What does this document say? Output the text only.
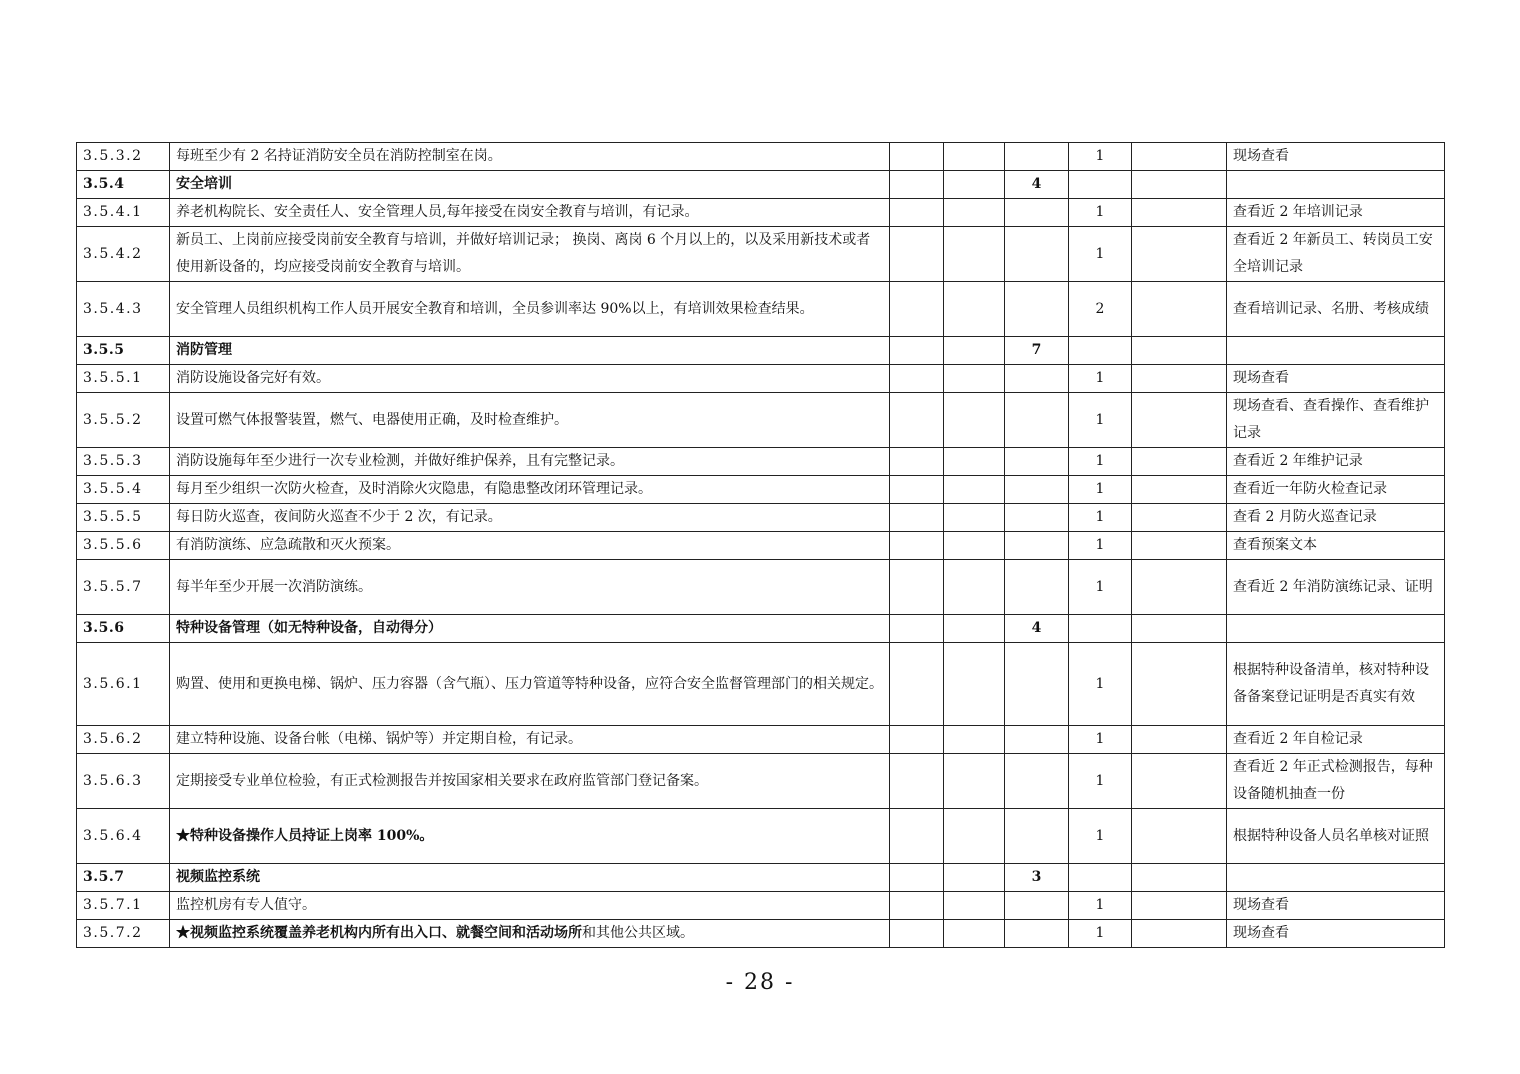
3.5.3.2	每班至少有 2 名持证消防安全员在消防控制室在岗。				1		现场查看
3.5.4	安全培训			4			
3.5.4.1	养老机构院长、安全责任人、安全管理人员,每年接受在岗安全教育与培训，有记录。				1		查看近 2 年培训记录
3.5.4.2	新员工、上岗前应接受岗前安全教育与培训，并做好培训记录； 换岗、离岗 6 个月以上的，以及采用新技术或者使用新设备的，均应接受岗前安全教育与培训。				1		查看近 2 年新员工、转岗员工安全培训记录
3.5.4.3	安全管理人员组织机构工作人员开展安全教育和培训，全员参训率达 90%以上，有培训效果检查结果。				2		查看培训记录、名册、考核成绩
3.5.5	消防管理			7			
3.5.5.1	消防设施设备完好有效。				1		现场查看
3.5.5.2	设置可燃气体报警装置，燃气、电器使用正确，及时检查维护。				1		现场查看、查看操作、查看维护记录
3.5.5.3	消防设施每年至少进行一次专业检测，并做好维护保养，且有完整记录。				1		查看近 2 年维护记录
3.5.5.4	每月至少组织一次防火检查，及时消除火灾隐患，有隐患整改闭环管理记录。				1		查看近一年防火检查记录
3.5.5.5	每日防火巡查，夜间防火巡查不少于 2 次，有记录。				1		查看 2 月防火巡查记录
3.5.5.6	有消防演练、应急疏散和灭火预案。				1		查看预案文本
3.5.5.7	每半年至少开展一次消防演练。				1		查看近 2 年消防演练记录、证明
3.5.6	特种设备管理（如无特种设备，自动得分）			4			
3.5.6.1	购置、使用和更换电梯、锅炉、压力容器（含气瓶）、压力管道等特种设备，应符合安全监督管理部门的相关规定。				1		根据特种设备清单，核对特种设备备案登记证明是否真实有效
3.5.6.2	建立特种设施、设备台帐（电梯、锅炉等）并定期自检，有记录。				1		查看近 2 年自检记录
3.5.6.3	定期接受专业单位检验，有正式检测报告并按国家相关要求在政府监管部门登记备案。				1		查看近 2 年正式检测报告，每种设备随机抽查一份
3.5.6.4	★特种设备操作人员持证上岗率 100%。				1		根据特种设备人员名单核对证照
3.5.7	视频监控系统			3			
3.5.7.1	监控机房有专人值守。				1		现场查看
3.5.7.2	★视频监控系统覆盖养老机构内所有出入口、就餐空间和活动场所和其他公共区域。				1		现场查看
- 28 -
